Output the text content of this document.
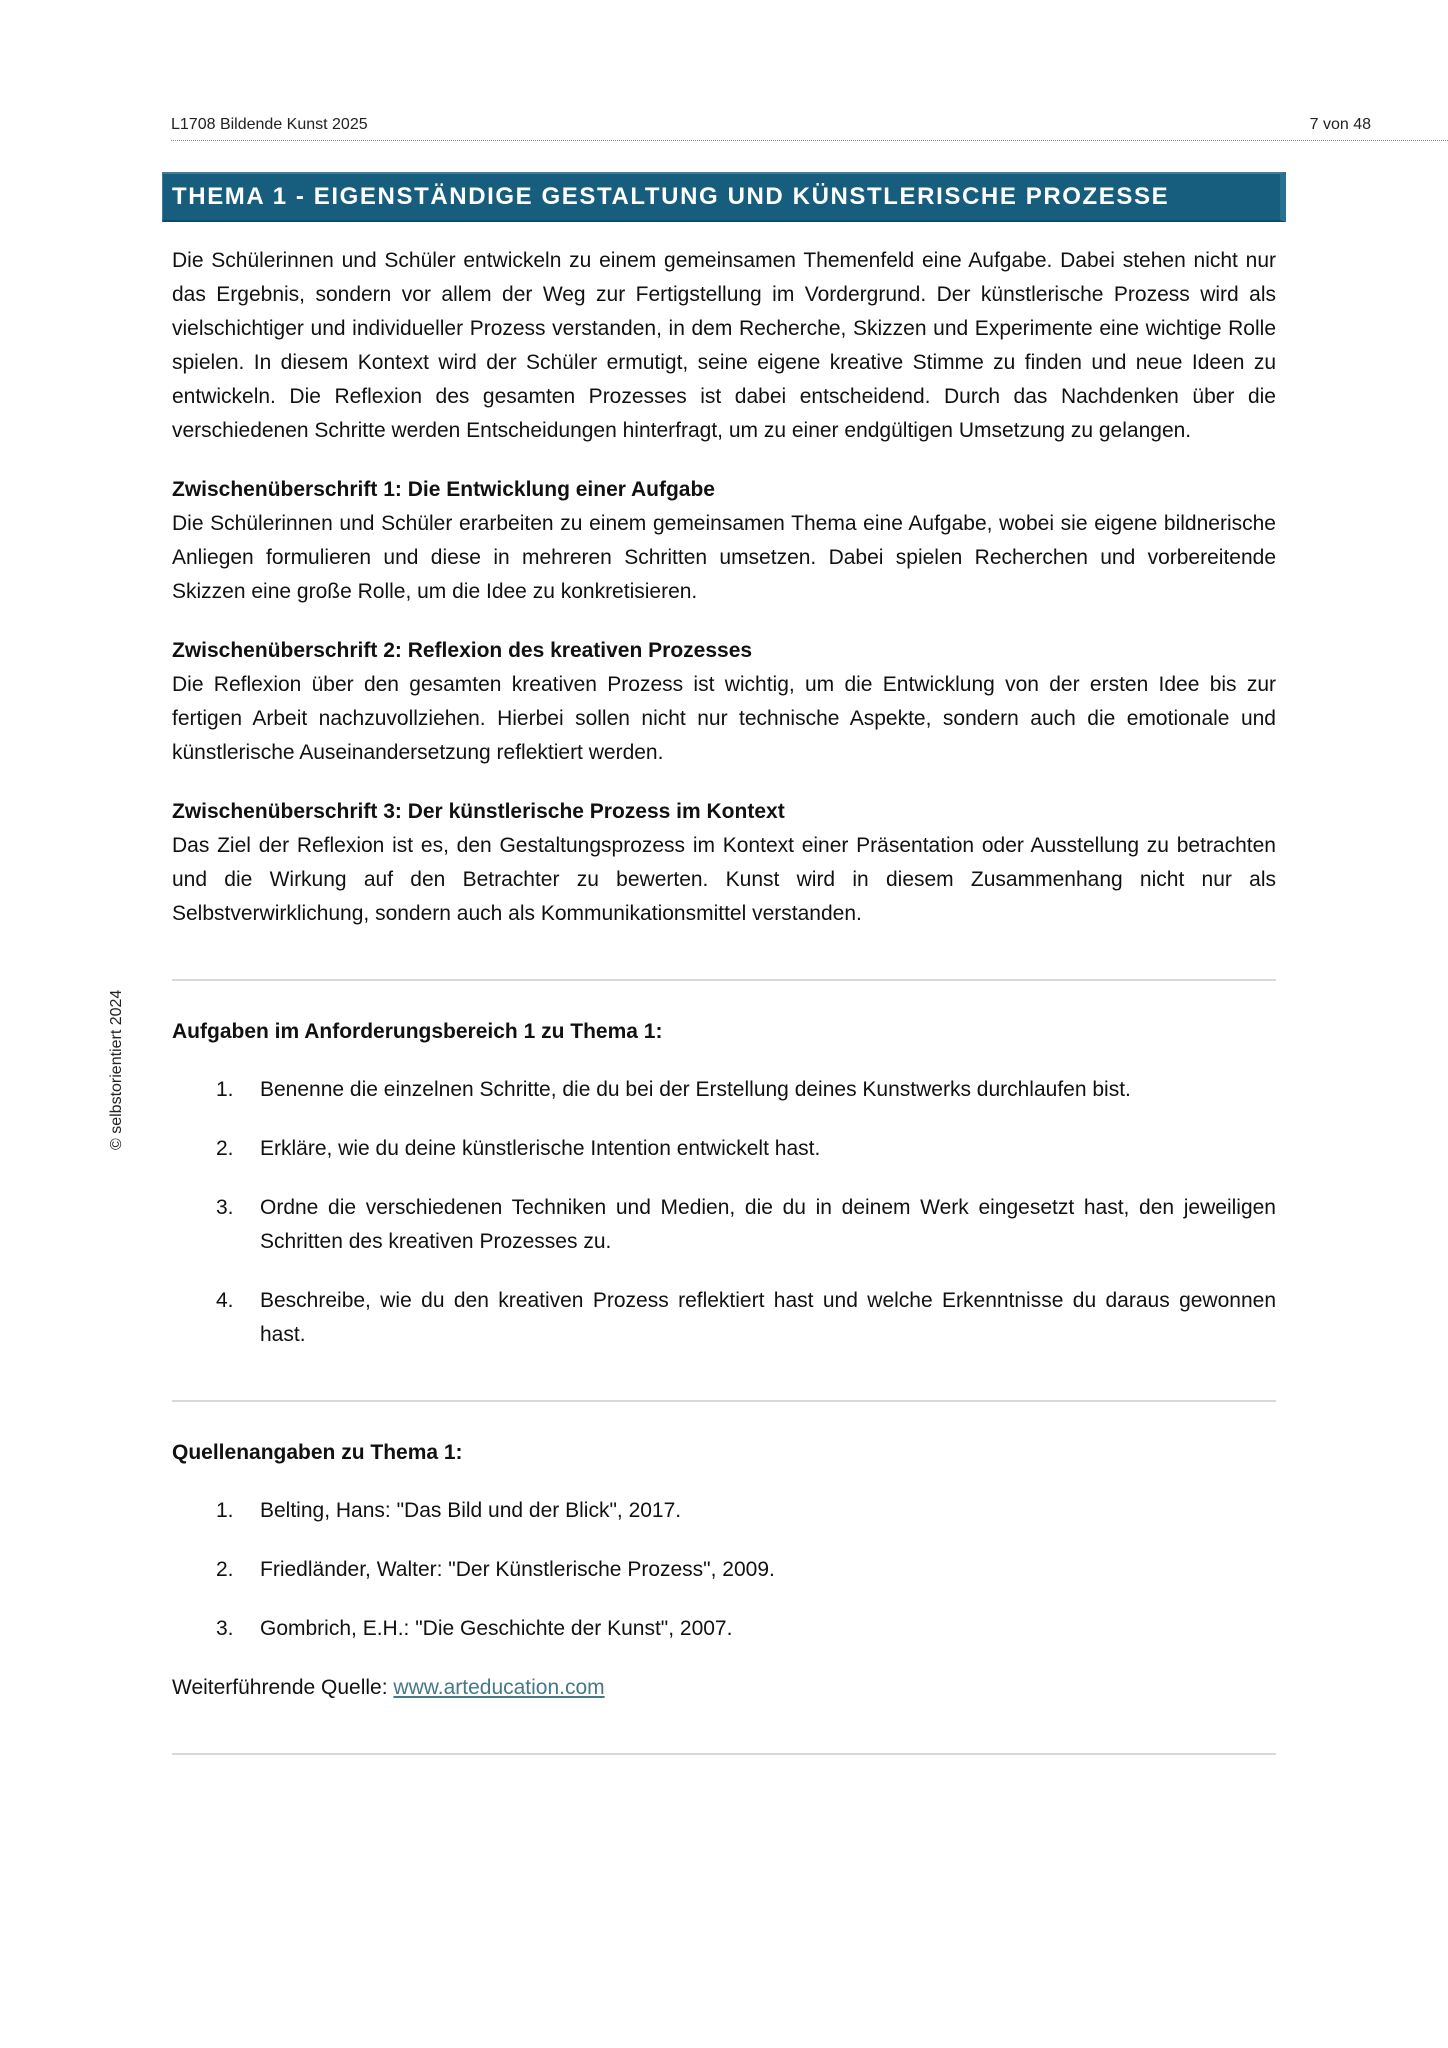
L1708 Bildende Kunst 2025	7 von 48
© selbstorientiert 2024
THEMA 1 - EIGENSTÄNDIGE GESTALTUNG UND KÜNSTLERISCHE PROZESSE

Die Schülerinnen und Schüler entwickeln zu einem gemeinsamen Themenfeld eine Aufgabe. Dabei stehen nicht nur das Ergebnis, sondern vor allem der Weg zur Fertigstellung im Vordergrund. Der künstlerische Prozess wird als vielschichtiger und individueller Prozess verstanden, in dem Recherche, Skizzen und Experimente eine wichtige Rolle spielen. In diesem Kontext wird der Schüler ermutigt, seine eigene kreative Stimme zu finden und neue Ideen zu entwickeln. Die Reflexion des gesamten Prozesses ist dabei entscheidend. Durch das Nachdenken über die verschiedenen Schritte werden Entscheidungen hinterfragt, um zu einer endgültigen Umsetzung zu gelangen.

Zwischenüberschrift 1: Die Entwicklung einer Aufgabe

Die Schülerinnen und Schüler erarbeiten zu einem gemeinsamen Thema eine Aufgabe, wobei sie eigene bildnerische Anliegen formulieren und diese in mehreren Schritten umsetzen. Dabei spielen Recherchen und vorbereitende Skizzen eine große Rolle, um die Idee zu konkretisieren.

Zwischenüberschrift 2: Reflexion des kreativen Prozesses

Die Reflexion über den gesamten kreativen Prozess ist wichtig, um die Entwicklung von der ersten Idee bis zur fertigen Arbeit nachzuvollziehen. Hierbei sollen nicht nur technische Aspekte, sondern auch die emotionale und künstlerische Auseinandersetzung reflektiert werden.

Zwischenüberschrift 3: Der künstlerische Prozess im Kontext

Das Ziel der Reflexion ist es, den Gestaltungsprozess im Kontext einer Präsentation oder Ausstellung zu betrachten und die Wirkung auf den Betrachter zu bewerten. Kunst wird in diesem Zusammenhang nicht nur als Selbstverwirklichung, sondern auch als Kommunikationsmittel verstanden.

Aufgaben im Anforderungsbereich 1 zu Thema 1:
1. Benenne die einzelnen Schritte, die du bei der Erstellung deines Kunstwerks durchlaufen bist.
2. Erkläre, wie du deine künstlerische Intention entwickelt hast.
3. Ordne die verschiedenen Techniken und Medien, die du in deinem Werk eingesetzt hast, den jeweiligen Schritten des kreativen Prozesses zu.
4. Beschreibe, wie du den kreativen Prozess reflektiert hast und welche Erkenntnisse du daraus gewonnen hast.
Quellenangaben zu Thema 1:
1. Belting, Hans: "Das Bild und der Blick", 2017.
2. Friedländer, Walter: "Der Künstlerische Prozess", 2009.
3. Gombrich, E.H.: "Die Geschichte der Kunst", 2007.

Weiterführende Quelle: www.arteducation.com
